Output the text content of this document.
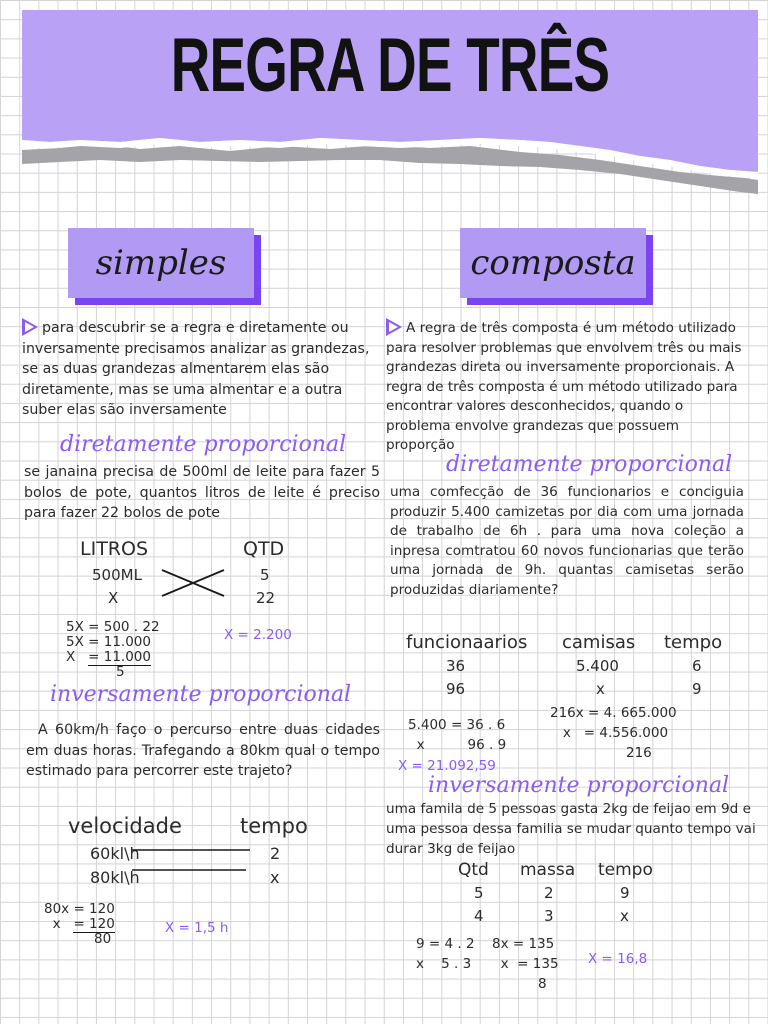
REGRA DE TRÊS
simples	composta
para descubrir se a regra e diretamente ou inversamente precisamos analizar as grandezas, se as duas grandezas almentarem elas são diretamente, mas se uma almentar e a outra suber elas são inversamente
diretamente proporcional
se janaina precisa de 500ml de leite para fazer 5 bolos de pote, quantos litros de leite é preciso para fazer 22 bolos de pote
LITROS	QTD
500ML	5
X	22
5X = 500 . 22
5X = 11.000
X = 11.000
5
X = 2.200
inversamente proporcional
A 60km/h faço o percurso entre duas cidades em duas horas. Trafegando a 80km qual o tempo estimado para percorrer este trajeto?
velocidade	tempo
60kl\h	2
80kl\h	x
80x = 120
x = 120
80
X = 1,5 h
A regra de três composta é um método utilizado para resolver problemas que envolvem três ou mais grandezas direta ou inversamente proporcionais. A regra de três composta é um método utilizado para encontrar valores desconhecidos, quando o problema envolve grandezas que possuem proporção
diretamente proporcional
uma comfecção de 36 funcionarios e conciguia produzir 5.400 camizetas por dia com uma jornada de trabalho de 6h . para uma nova coleção a inpresa comtratou 60 novos funcionarias que terão uma jornada de 9h. quantas camisetas serão produzidas diariamente?
funcionaarios camisas tempo
36	5.400	6
96	x	9
5.400 = 36 . 6
x	96 . 9
216x = 4. 665.000
x = 4.556.000
216
X = 21.092,59
inversamente proporcional
uma famila de 5 pessoas gasta 2kg de feijao em 9d e uma pessoa dessa familia se mudar quanto tempo vai durar 3kg de feijao
Qtd massa tempo
5	2	9
4	3	x
9 = 4 . 2
x 5 . 3
8x = 135
x = 135
8
X = 16,8
